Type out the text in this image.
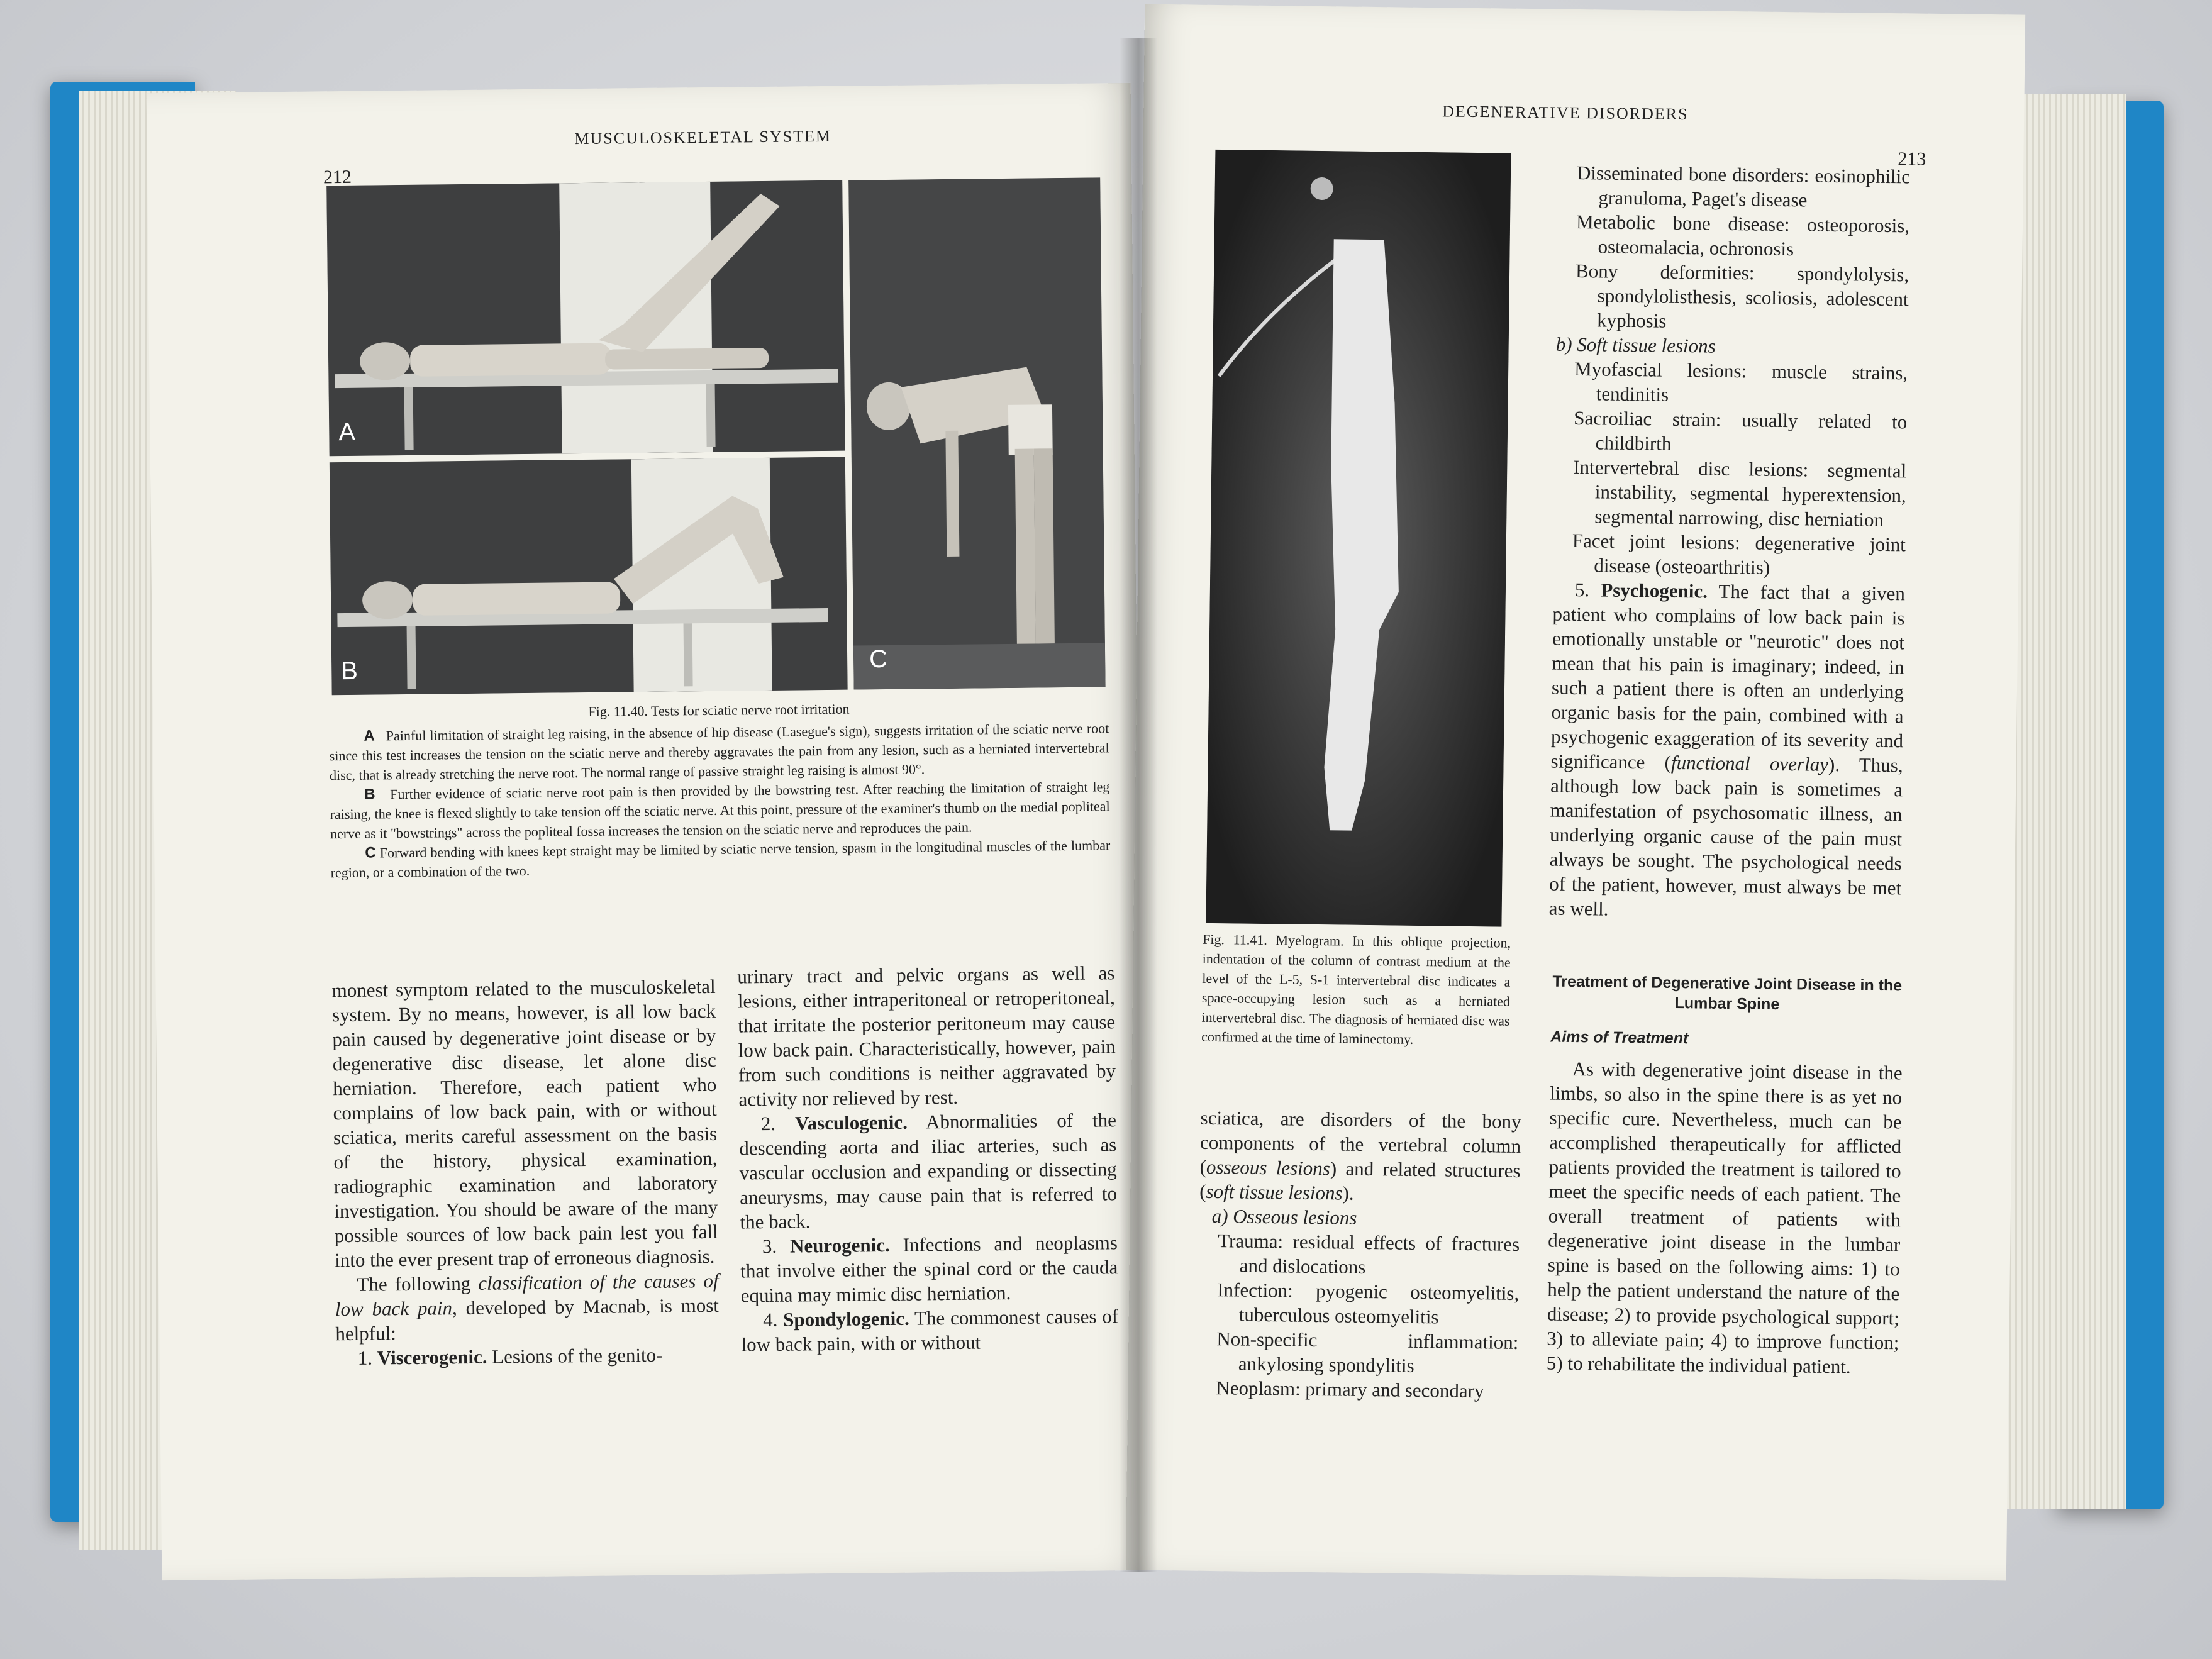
212
MUSCULOSKELETAL SYSTEM
A
B	C
Fig. 11.40. Tests for sciatic nerve root irritation
A Painful limitation of straight leg raising, in the absence of hip disease (Lasegue's sign), suggests irritation of the sciatic nerve root since this test increases the tension on the sciatic nerve and thereby aggravates the pain from any lesion, such as a herniated intervertebral disc, that is already stretching the nerve root. The normal range of passive straight leg raising is almost 90°.
B Further evidence of sciatic nerve root pain is then provided by the bowstring test. After reaching the limitation of straight leg raising, the knee is flexed slightly to take tension off the sciatic nerve. At this point, pressure of the examiner's thumb on the medial popliteal nerve as it "bowstrings" across the popliteal fossa increases the tension on the sciatic nerve and reproduces the pain.
C Forward bending with knees kept straight may be limited by sciatic nerve tension, spasm in the longitudinal muscles of the lumbar region, or a combination of the two.

monest symptom related to the musculoskeletal system. By no means, however, is all low back pain caused by degenerative joint disease or by degenerative disc disease, let alone disc herniation. Therefore, each patient who complains of low back pain, with or without sciatica, merits careful assessment on the basis of the history, physical examination, radiographic examination and laboratory investigation. You should be aware of the many possible sources of low back pain lest you fall into the ever present trap of erroneous diagnosis.

The following classification of the causes of low back pain, developed by Macnab, is most helpful:

1. Viscerogenic. Lesions of the genito-

urinary tract and pelvic organs as well as lesions, either intraperitoneal or retroperitoneal, that irritate the posterior peritoneum may cause low back pain. Characteristically, however, pain from such conditions is neither aggravated by activity nor relieved by rest.

2. Vasculogenic. Abnormalities of the descending aorta and iliac arteries, such as vascular occlusion and expanding or dissecting aneurysms, may cause pain that is referred to the back.

3. Neurogenic. Infections and neoplasms that involve either the spinal cord or the cauda equina may mimic disc herniation.

4. Spondylogenic. The commonest causes of low back pain, with or without

DEGENERATIVE DISORDERS
213
Fig. 11.41. Myelogram. In this oblique projection, indentation of the column of contrast medium at the level of the L-5, S-1 intervertebral disc indicates a space-occupying lesion such as a herniated intervertebral disc. The diagnosis of herniated disc was confirmed at the time of laminectomy.
Disseminated bone disorders: eosinophilic granuloma, Paget's disease
Metabolic bone disease: osteoporosis, osteomalacia, ochronosis
Bony deformities: spondylolysis, spondylolisthesis, scoliosis, adolescent kyphosis
b) Soft tissue lesions
Myofascial lesions: muscle strains, tendinitis
Sacroiliac strain: usually related to childbirth
Intervertebral disc lesions: segmental instability, segmental hyperextension, segmental narrowing, disc herniation
Facet joint lesions: degenerative joint disease (osteoarthritis)

5. Psychogenic. The fact that a given patient who complains of low back pain is emotionally unstable or "neurotic" does not mean that his pain is imaginary; indeed, in such a patient there is often an underlying organic basis for the pain, combined with a psychogenic exaggeration of its severity and significance (functional overlay). Thus, although low back pain is sometimes a manifestation of psychosomatic illness, an underlying organic cause of the pain must always be sought. The psychological needs of the patient, however, must always be met as well.

Treatment of Degenerative Joint Disease in the Lumbar Spine
Aims of Treatment
As with degenerative joint disease in the limbs, so also in the spine there is as yet no specific cure. Nevertheless, much can be accomplished therapeutically for afflicted patients provided the treatment is tailored to meet the specific needs of each patient. The overall treatment of patients with degenerative joint disease in the lumbar spine is based on the following aims: 1) to help the patient understand the nature of the disease; 2) to provide psychological support; 3) to alleviate pain; 4) to improve function; 5) to rehabilitate the individual patient.

sciatica, are disorders of the bony components of the vertebral column (osseous lesions) and related structures (soft tissue lesions).

a) Osseous lesions
Trauma: residual effects of fractures and dislocations
Infection: pyogenic osteomyelitis, tuberculous osteomyelitis
Non-specific inflammation: ankylosing spondylitis
Neoplasm: primary and secondary
